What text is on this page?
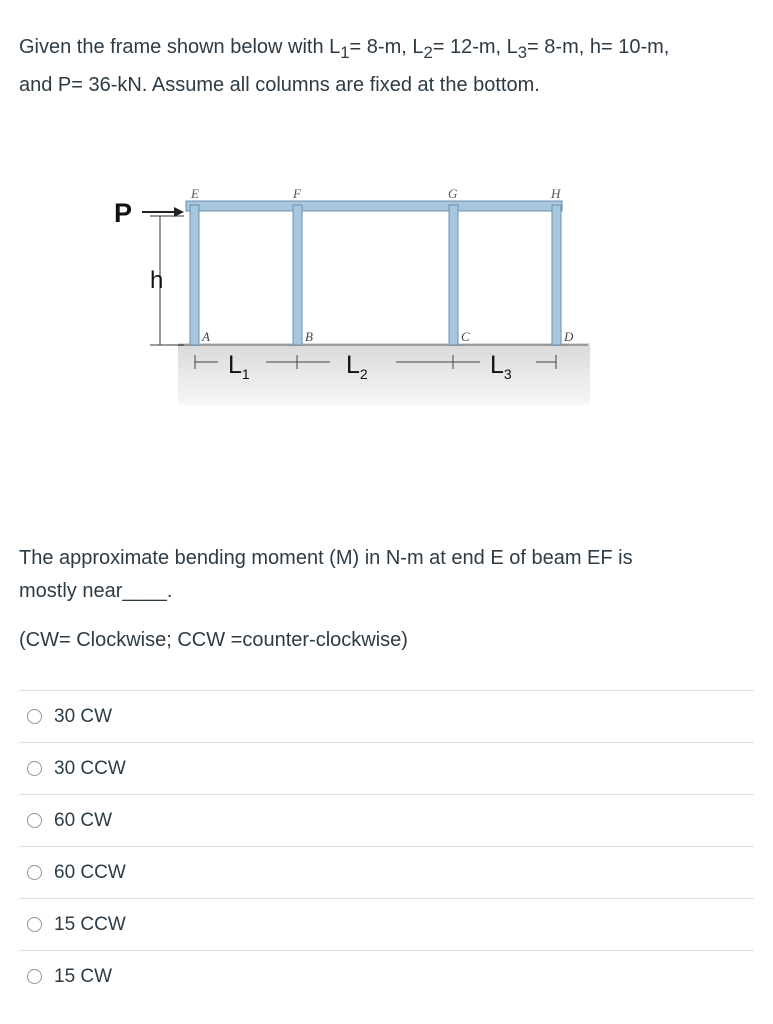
Given the frame shown below with $L_1= 8-m$, $L_2= 12-m$, $L_3= 8-m$, h= 10-m,
and P= 36-kN. Assume all columns are fixed at the bottom.
P
h
E	F	G	H
A	B	C	D
$L_1$	$L_2$	$L_3$
The approximate bending moment (M) in N-m at end E of beam EF is
mostly near____.
(CW= Clockwise; CCW =counter-clockwise)
30 CW
30 CCW
60 CW
60 CCW
15 CCW
15 CW
